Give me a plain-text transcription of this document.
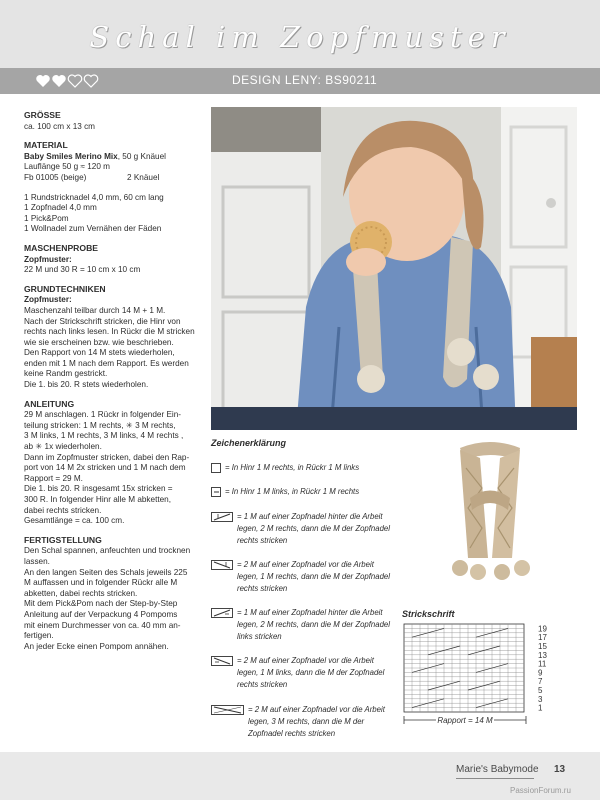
Schal im Zopfmuster
DESIGN LENY: BS90211
GRÖSSE
ca. 100 cm x 13 cm
MATERIAL
Baby Smiles Merino Mix, 50 g Knäuel
Lauflänge 50 g ≈ 120 m
Fb 01005 (beige)	2 Knäuel
1 Rundstricknadel 4,0 mm, 60 cm lang
1 Zopfnadel 4,0 mm
1 Pick&Pom
1 Wollnadel zum Vernähen der Fäden
MASCHENPROBE
Zopfmuster:
22 M und 30 R = 10 cm x 10 cm
GRUNDTECHNIKEN
Zopfmuster:
Maschenzahl teilbar durch 14 M + 1 M.
Nach der Strickschrift stricken, die Hinr von
rechts nach links lesen. In Rückr die M stricken
wie sie erscheinen bzw. wie beschrieben.
Den Rapport von 14 M stets wiederholen,
enden mit 1 M nach dem Rapport. Es werden
keine Randm gestrickt.
Die 1. bis 20. R stets wiederholen.
ANLEITUNG
29 M anschlagen. 1 Rückr in folgender Ein-
teilung stricken: 1 M rechts, ✳ 3 M rechts,
3 M links, 1 M rechts, 3 M links, 4 M rechts ,
ab ✳ 1x wiederholen.
Dann im Zopfmuster stricken, dabei den Rap-
port von 14 M 2x stricken und 1 M nach dem
Rapport = 29 M.
Die 1. bis 20. R insgesamt 15x stricken =
300 R. In folgender Hinr alle M abketten,
dabei rechts stricken.
Gesamtlänge = ca. 100 cm.
FERTIGSTELLUNG
Den Schal spannen, anfeuchten und trocknen
lassen.
An den langen Seiten des Schals jeweils 225
M auffassen und in folgender Rückr alle M
abketten, dabei rechts stricken.
Mit dem Pick&Pom nach der Step-by-Step
Anleitung auf der Verpackung 4 Pompoms
mit einem Durchmesser von ca. 40 mm an-
fertigen.
An jeder Ecke einen Pompom annähen.
Zeichenerklärung
= In Hinr 1 M rechts, in Rückr 1 M links
= In Hinr 1 M links, in Rückr 1 M rechts
= 1 M auf einer Zopfnadel hinter die Arbeit legen, 2 M rechts, dann die M der Zopfnadel rechts stricken
= 2 M auf einer Zopfnadel vor die Arbeit legen, 1 M rechts, dann die M der Zopfnadel rechts stricken
= 1 M auf einer Zopfnadel hinter die Arbeit legen, 2 M rechts, dann die M der Zopfnadel links stricken
= 2 M auf einer Zopfnadel vor die Arbeit legen, 1 M links, dann die M der Zopfnadel rechts stricken
= 2 M auf einer Zopfnadel vor die Arbeit legen, 3 M rechts, dann die M der Zopfnadel rechts stricken
Strickschrift
19
17
15
13
11
9
7
5
3
1
Rapport = 14 M
Marie's Babymode 13
PassionForum.ru
